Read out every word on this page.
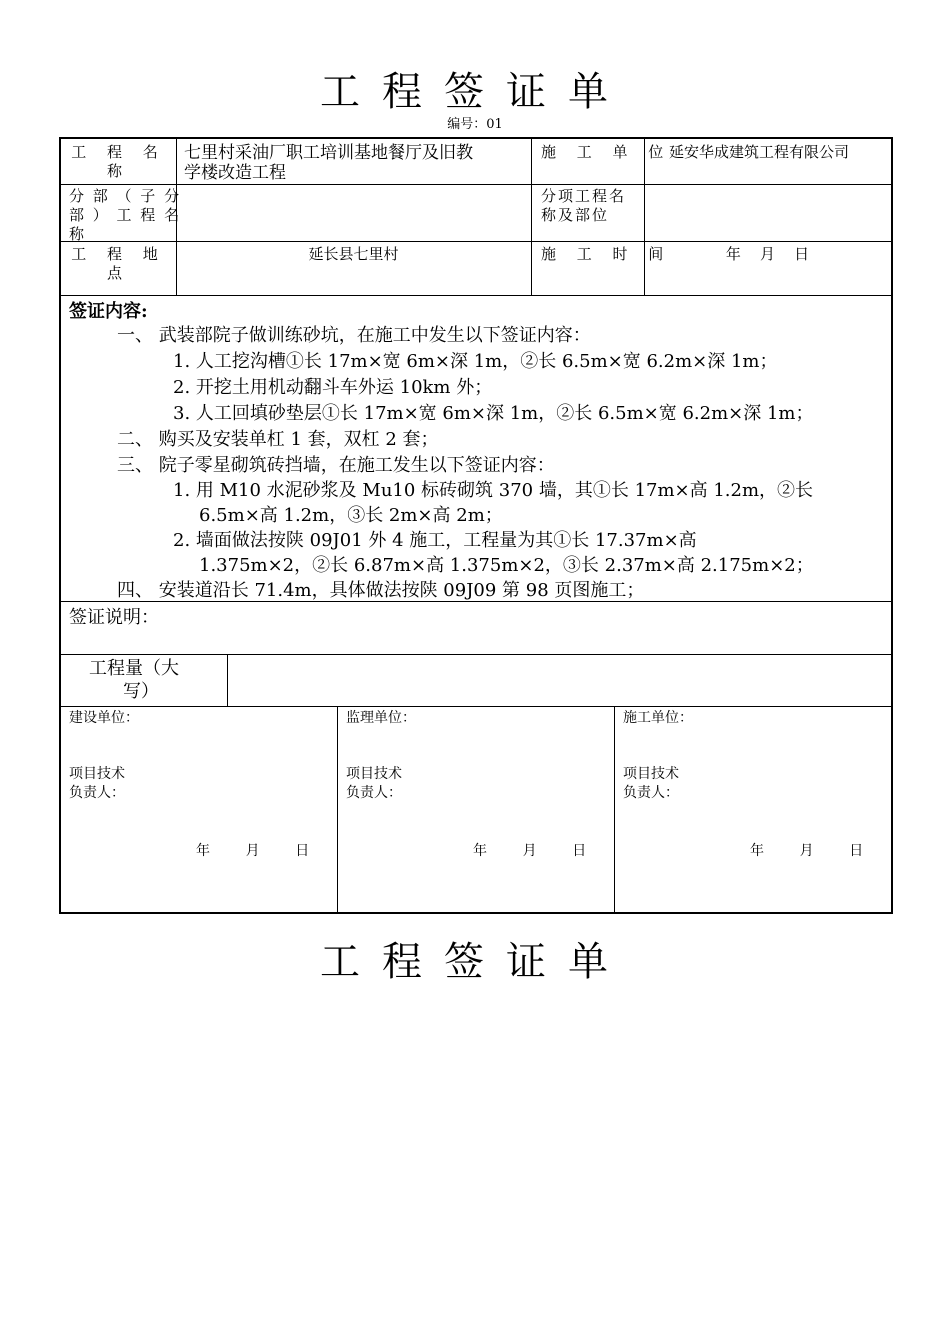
工程签证单
编号：01
工 程 名 称
七里村采油厂职工培训基地餐厅及旧教
学楼改造工程
施 工 单 位
延安华成建筑工程有限公司
分 部 （ 子 分
部 ） 工 程 名
称
分项工程名
称及部位
工 程 地 点
延长县七里村	施 工 时 间	年    月    日
签证内容:
一、 武装部院子做训练砂坑，在施工中发生以下签证内容：
1. 人工挖沟槽①长 17m×宽 6m×深 1m，②长 6.5m×宽 6.2m×深 1m；
2. 开挖土用机动翻斗车外运 10km 外；
3. 人工回填砂垫层①长 17m×宽 6m×深 1m，②长 6.5m×宽 6.2m×深 1m；
二、 购买及安装单杠 1 套，双杠 2 套；
三、 院子零星砌筑砖挡墙，在施工发生以下签证内容：
1. 用 M10 水泥砂浆及 Mu10 标砖砌筑 370 墙，其①长 17m×高 1.2m，②长
6.5m×高 1.2m，③长 2m×高 2m；
2. 墙面做法按陕 09J01 外 4 施工，工程量为其①长 17.37m×高
1.375m×2，②长 6.87m×高 1.375m×2，③长 2.37m×高 2.175m×2；
四、 安装道沿长 71.4m，具体做法按陕 09J09 第 98 页图施工；
签证说明：
工程量（大
写）
建设单位：
项目技术
负责人：
年        月        日
监理单位：
项目技术
负责人：
年        月        日
施工单位：
项目技术
负责人：
年        月        日
工程签证单
